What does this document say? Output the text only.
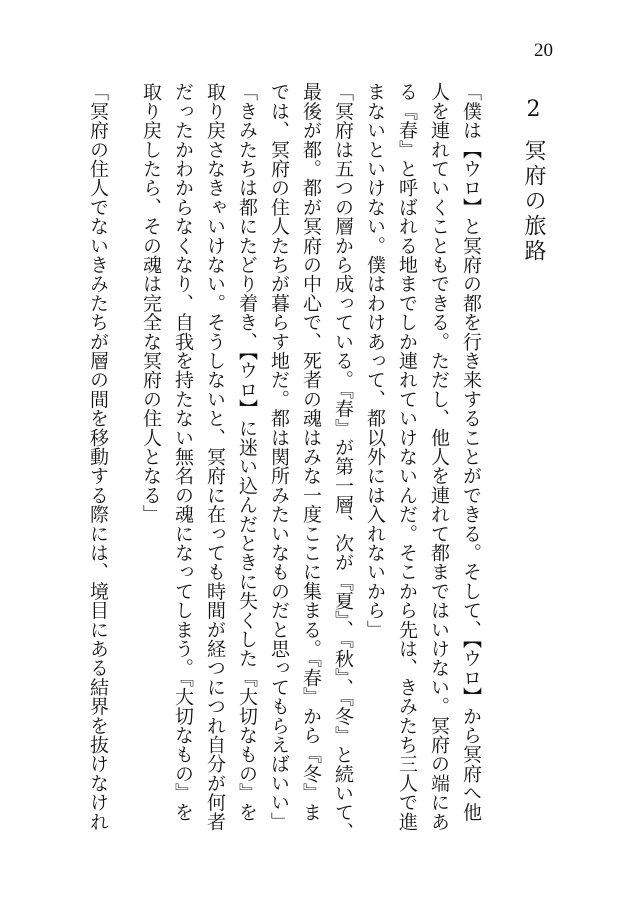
20
2冥府の旅路
「僕は【ウロ】と冥府の都を行き来することができる。そして、【ウロ】から冥府へ他
人を連れていくこともできる。ただし、他人を連れて都まではいけない。冥府の端にあ
る『春』と呼ばれる地までしか連れていけないんだ。そこから先は、きみたち三人で進
まないといけない。僕はわけあって、都以外には入れないから」
「冥府は五つの層から成っている。『春』が第一層、次が『夏』、『秋』、『冬』と続いて、
最後が都。都が冥府の中心で、死者の魂はみな一度ここに集まる。『春』から『冬』ま
では、冥府の住人たちが暮らす地だ。都は関所みたいなものだと思ってもらえばいい」
「きみたちは都にたどり着き、【ウロ】に迷い込んだときに失くした『大切なもの』を
取り戻さなきゃいけない。そうしないと、冥府に在っても時間が経つにつれ自分が何者
だったかわからなくなり、自我を持たない無名の魂になってしまう。『大切なもの』を
取り戻したら、その魂は完全な冥府の住人となる」
「冥府の住人でないきみたちが層の間を移動する際には、境目にある結界を抜けなけれ
